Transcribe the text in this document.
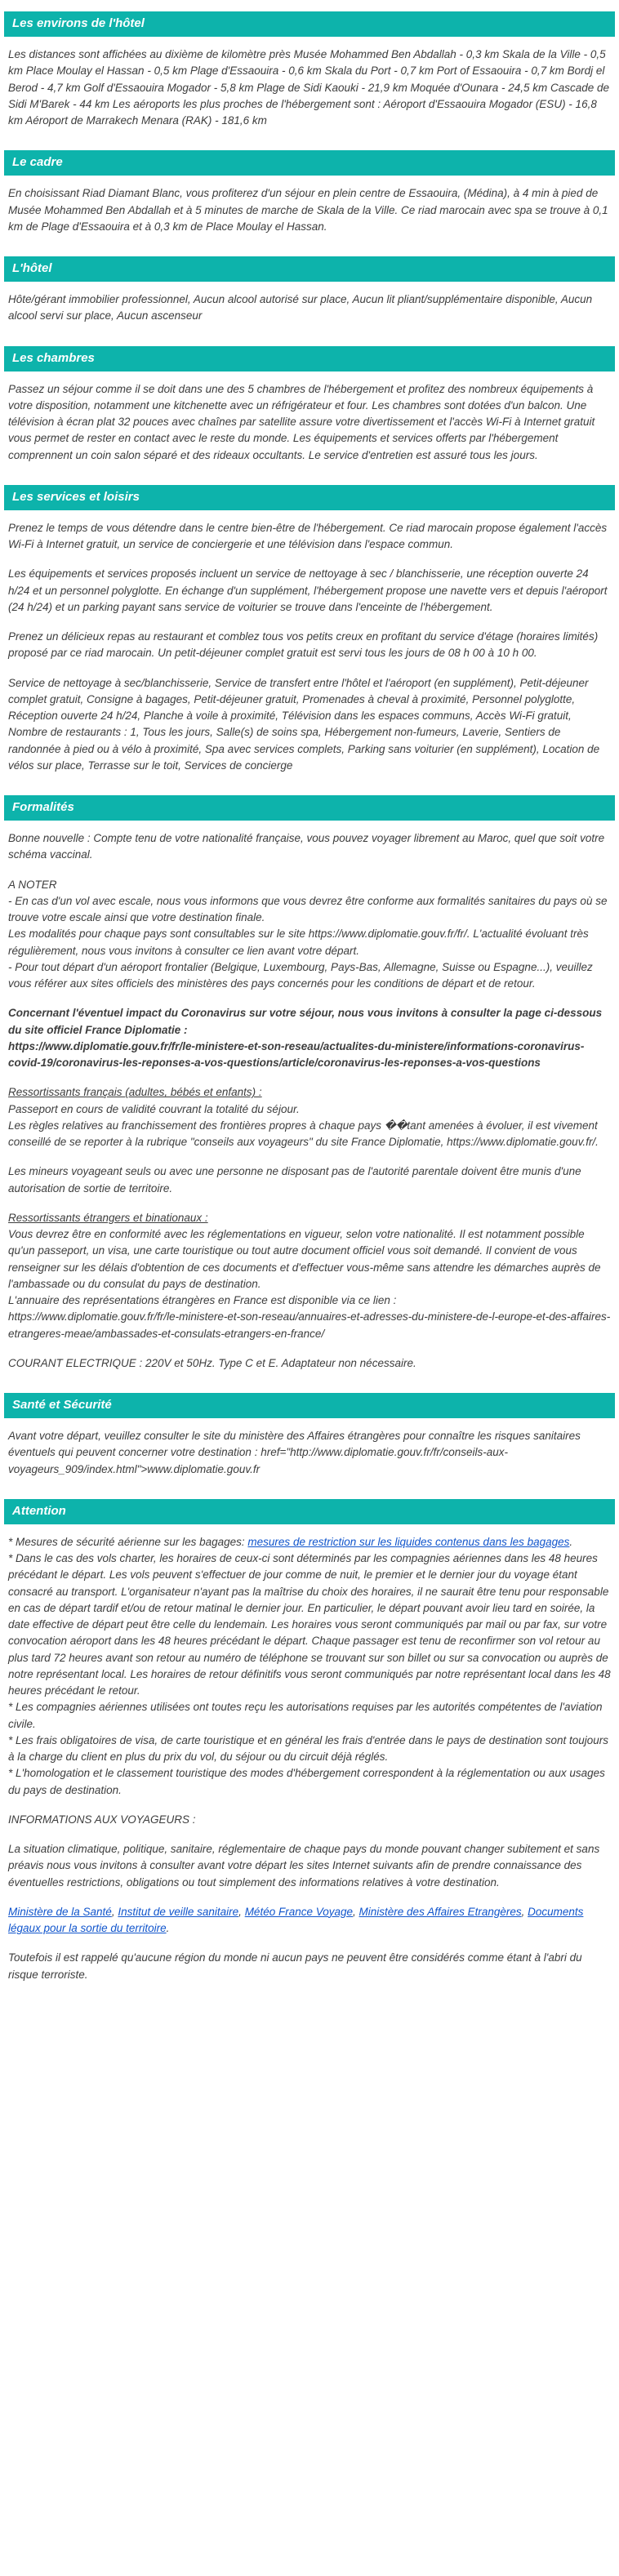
Les environs de l'hôtel

Les distances sont affichées au dixième de kilomètre près Musée Mohammed Ben Abdallah - 0,3 km Skala de la Ville - 0,5 km Place Moulay el Hassan - 0,5 km Plage d'Essaouira - 0,6 km Skala du Port - 0,7 km Port of Essaouira - 0,7 km Bordj el Berod - 4,7 km Golf d'Essaouira Mogador - 5,8 km Plage de Sidi Kaouki - 21,9 km Moquée d'Ounara - 24,5 km Cascade de Sidi M'Barek - 44 km Les aéroports les plus proches de l'hébergement sont : Aéroport d'Essaouira Mogador (ESU) - 16,8 km Aéroport de Marrakech Menara (RAK) - 181,6 km

Le cadre

En choisissant Riad Diamant Blanc, vous profiterez d'un séjour en plein centre de Essaouira, (Médina), à 4 min à pied de Musée Mohammed Ben Abdallah et à 5 minutes de marche de Skala de la Ville. Ce riad marocain avec spa se trouve à 0,1 km de Plage d'Essaouira et à 0,3 km de Place Moulay el Hassan.

L'hôtel

Hôte/gérant immobilier professionnel, Aucun alcool autorisé sur place, Aucun lit pliant/supplémentaire disponible, Aucun alcool servi sur place, Aucun ascenseur

Les chambres

Passez un séjour comme il se doit dans une des 5 chambres de l'hébergement et profitez des nombreux équipements à votre disposition, notamment une kitchenette avec un réfrigérateur et four. Les chambres sont dotées d'un balcon. Une télévision à écran plat 32 pouces avec chaînes par satellite assure votre divertissement et l'accès Wi-Fi à Internet gratuit vous permet de rester en contact avec le reste du monde. Les équipements et services offerts par l'hébergement comprennent un coin salon séparé et des rideaux occultants. Le service d'entretien est assuré tous les jours.

Les services et loisirs

Prenez le temps de vous détendre dans le centre bien-être de l'hébergement. Ce riad marocain propose également l'accès Wi-Fi à Internet gratuit, un service de conciergerie et une télévision dans l'espace commun.

Les équipements et services proposés incluent un service de nettoyage à sec / blanchisserie, une réception ouverte 24 h/24 et un personnel polyglotte. En échange d'un supplément, l'hébergement propose une navette vers et depuis l'aéroport (24 h/24) et un parking payant sans service de voiturier se trouve dans l'enceinte de l'hébergement.

Prenez un délicieux repas au restaurant et comblez tous vos petits creux en profitant du service d'étage (horaires limités) proposé par ce riad marocain. Un petit-déjeuner complet gratuit est servi tous les jours de 08 h 00 à 10 h 00.

Service de nettoyage à sec/blanchisserie, Service de transfert entre l'hôtel et l'aéroport (en supplément), Petit-déjeuner complet gratuit, Consigne à bagages, Petit-déjeuner gratuit, Promenades à cheval à proximité, Personnel polyglotte, Réception ouverte 24 h/24, Planche à voile à proximité, Télévision dans les espaces communs, Accès Wi-Fi gratuit, Nombre de restaurants : 1, Tous les jours, Salle(s) de soins spa, Hébergement non-fumeurs, Laverie, Sentiers de randonnée à pied ou à vélo à proximité, Spa avec services complets, Parking sans voiturier (en supplément), Location de vélos sur place, Terrasse sur le toit, Services de concierge

Formalités

Bonne nouvelle : Compte tenu de votre nationalité française, vous pouvez voyager librement au Maroc, quel que soit votre schéma vaccinal.

A NOTER

- En cas d'un vol avec escale, nous vous informons que vous devrez être conforme aux formalités sanitaires du pays où se trouve votre escale ainsi que votre destination finale.

Les modalités pour chaque pays sont consultables sur le site https://www.diplomatie.gouv.fr/fr/. L'actualité évoluant très régulièrement, nous vous invitons à consulter ce lien avant votre départ.

- Pour tout départ d'un aéroport frontalier (Belgique, Luxembourg, Pays-Bas, Allemagne, Suisse ou Espagne...), veuillez vous référer aux sites officiels des ministères des pays concernés pour les conditions de départ et de retour.

Concernant l'éventuel impact du Coronavirus sur votre séjour, nous vous invitons à consulter la page ci-dessous du site officiel France Diplomatie :

https://www.diplomatie.gouv.fr/fr/le-ministere-et-son-reseau/actualites-du-ministere/informations-coronavirus-covid-19/coronavirus-les-reponses-a-vos-questions/article/coronavirus-les-reponses-a-vos-questions

Ressortissants français (adultes, bébés et enfants) :

Passeport en cours de validité couvrant la totalité du séjour.

Les règles relatives au franchissement des frontières propres à chaque pays ��tant amenées à évoluer, il est vivement conseillé de se reporter à la rubrique "conseils aux voyageurs" du site France Diplomatie, https://www.diplomatie.gouv.fr/.

Les mineurs voyageant seuls ou avec une personne ne disposant pas de l'autorité parentale doivent être munis d'une autorisation de sortie de territoire.

Ressortissants étrangers et binationaux :

Vous devrez être en conformité avec les réglementations en vigueur, selon votre nationalité. Il est notamment possible qu'un passeport, un visa, une carte touristique ou tout autre document officiel vous soit demandé. Il convient de vous renseigner sur les délais d'obtention de ces documents et d'effectuer vous-même sans attendre les démarches auprès de l'ambassade ou du consulat du pays de destination.

L'annuaire des représentations étrangères en France est disponible via ce lien :

https://www.diplomatie.gouv.fr/fr/le-ministere-et-son-reseau/annuaires-et-adresses-du-ministere-de-l-europe-et-des-affaires-etrangeres-meae/ambassades-et-consulats-etrangers-en-france/

COURANT ELECTRIQUE : 220V et 50Hz. Type C et E. Adaptateur non nécessaire.

Santé et Sécurité

Avant votre départ, veuillez consulter le site du ministère des Affaires étrangères pour connaître les risques sanitaires éventuels qui peuvent concerner votre destination : href="http://www.diplomatie.gouv.fr/fr/conseils-aux-voyageurs_909/index.html">www.diplomatie.gouv.fr

Attention

* Mesures de sécurité aérienne sur les bagages: mesures de restriction sur les liquides contenus dans les bagages.

* Dans le cas des vols charter, les horaires de ceux-ci sont déterminés par les compagnies aériennes dans les 48 heures précédant le départ. Les vols peuvent s'effectuer de jour comme de nuit, le premier et le dernier jour du voyage étant consacré au transport. L'organisateur n'ayant pas la maîtrise du choix des horaires, il ne saurait être tenu pour responsable en cas de départ tardif et/ou de retour matinal le dernier jour. En particulier, le départ pouvant avoir lieu tard en soirée, la date effective de départ peut être celle du lendemain. Les horaires vous seront communiqués par mail ou par fax, sur votre convocation aéroport dans les 48 heures précédant le départ. Chaque passager est tenu de reconfirmer son vol retour au plus tard 72 heures avant son retour au numéro de téléphone se trouvant sur son billet ou sur sa convocation ou auprès de notre représentant local. Les horaires de retour définitifs vous seront communiqués par notre représentant local dans les 48 heures précédant le retour.

* Les compagnies aériennes utilisées ont toutes reçu les autorisations requises par les autorités compétentes de l'aviation civile.

* Les frais obligatoires de visa, de carte touristique et en général les frais d'entrée dans le pays de destination sont toujours à la charge du client en plus du prix du vol, du séjour ou du circuit déjà réglés.

* L'homologation et le classement touristique des modes d'hébergement correspondent à la réglementation ou aux usages du pays de destination.

INFORMATIONS AUX VOYAGEURS :

La situation climatique, politique, sanitaire, réglementaire de chaque pays du monde pouvant changer subitement et sans préavis nous vous invitons à consulter avant votre départ les sites Internet suivants afin de prendre connaissance des éventuelles restrictions, obligations ou tout simplement des informations relatives à votre destination.

Ministère de la Santé, Institut de veille sanitaire, Météo France Voyage, Ministère des Affaires Etrangères, Documents légaux pour la sortie du territoire.

Toutefois il est rappelé qu'aucune région du monde ni aucun pays ne peuvent être considérés comme étant à l'abri du risque terroriste.
